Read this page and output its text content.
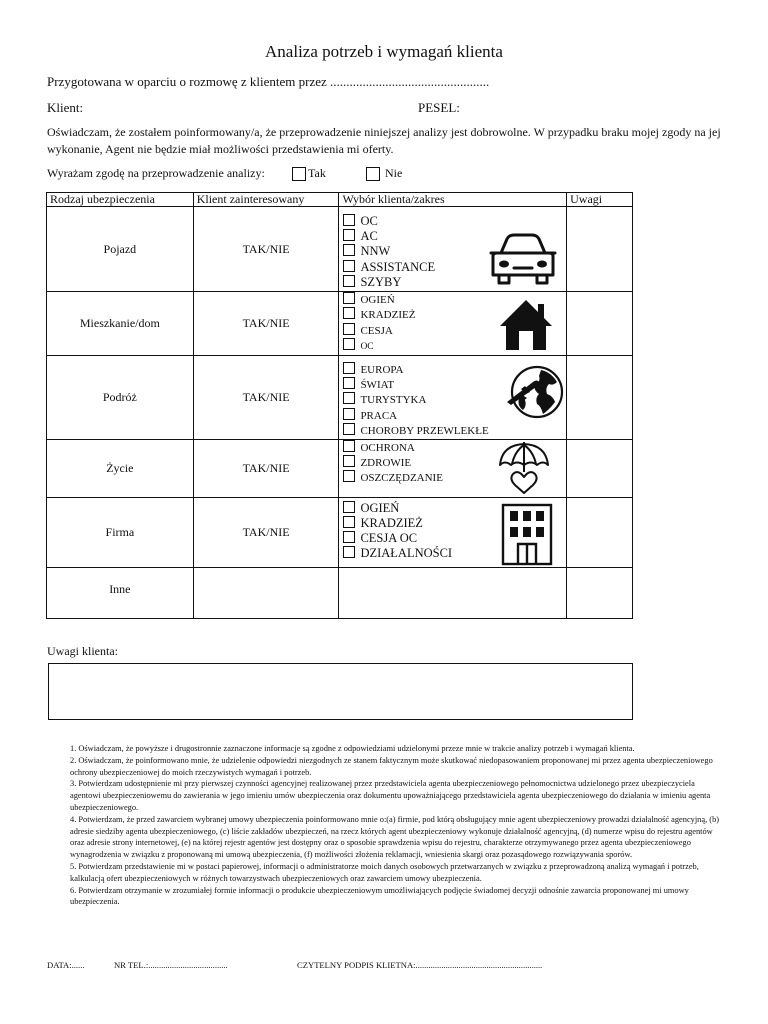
Analiza potrzeb i wymagań klienta
Przygotowana w oparciu o rozmowę z klientem przez .................................................
Klient:	PESEL:
Oświadczam, że zostałem poinformowany/a, że przeprowadzenie niniejszej analizy jest dobrowolne. W przypadku braku mojej zgody na jej wykonanie, Agent nie będzie miał możliwości przedstawienia mi oferty.
Wyrażam zgodę na przeprowadzenie analizy:	Tak	Nie
Rodzaj ubezpieczenia	Klient zainteresowany	Wybór klienta/zakres	Uwagi
Pojazd	TAK/NIE	OC
AC
NNW
ASSISTANCE
SZYBY	

Mieszkanie/dom	TAK/NIE	OGIEŃ
KRADZIEŻ
CESJA
OC	

Podróż	TAK/NIE	EUROPA
ŚWIAT
TURYSTYKA
PRACA
CHOROBY PRZEWLEKŁE	

Życie	TAK/NIE	OCHRONA
ZDROWIE
OSZCZĘDZANIE	

Firma	TAK/NIE	OGIEŃ
KRADZIEŻ
CESJA OC
DZIAŁALNOŚCI	

Inne			
Uwagi klienta:

1. Oświadczam, że powyższe i drugostronnie zaznaczone informacje są zgodne z odpowiedziami udzielonymi przeze mnie w trakcie analizy potrzeb i wymagań klienta.

2. Oświadczam, że poinformowano mnie, że udzielenie odpowiedzi niezgodnych ze stanem faktycznym może skutkować niedopasowaniem proponowanej mi przez agenta ubezpieczeniowego ochrony ubezpieczeniowej do moich rzeczywistych wymagań i potrzeb.

3. Potwierdzam udostępnienie mi przy pierwszej czynności agencyjnej realizowanej przez przedstawiciela agenta ubezpieczeniowego pełnomocnictwa udzielonego przez ubezpieczyciela agentowi ubezpieczeniowemu do zawierania w jego imieniu umów ubezpieczenia oraz dokumentu upoważniającego przedstawiciela agenta ubezpieczeniowego do działania w imieniu agenta ubezpieczeniowego.

4. Potwierdzam, że przed zawarciem wybranej umowy ubezpieczenia poinformowano mnie o:(a) firmie, pod którą obsługujący mnie agent ubezpieczeniowy prowadzi działalność agencyjną, (b) adresie siedziby agenta ubezpieczeniowego, (c) liście zakładów ubezpieczeń, na rzecz których agent ubezpieczeniowy wykonuje działalność agencyjną, (d) numerze wpisu do rejestru agentów oraz adresie strony internetowej, (e) na której rejestr agentów jest dostępny oraz o sposobie sprawdzenia wpisu do rejestru, charakterze otrzymywanego przez agenta ubezpieczeniowego wynagrodzenia w związku z proponowaną mi umową ubezpieczenia, (f) możliwości złożenia reklamacji, wniesienia skargi oraz pozasądowego rozwiązywania sporów.

5. Potwierdzam przedstawienie mi w postaci papierowej, informacji o administratorze moich danych osobowych przetwarzanych w związku z przeprowadzoną analizą wymagań i potrzeb, kalkulacją ofert ubezpieczeniowych w różnych towarzystwach ubezpieczeniowych oraz zawarciem umowy ubezpieczenia.

6. Potwierdzam otrzymanie w zrozumiałej formie informacji o produkcie ubezpieczeniowym umożliwiających podjęcie świadomej decyzji odnośnie zawarcia proponowanej mi umowy ubezpieczenia.

DATA:......	NR TEL.:.....................................	CZYTELNY PODPIS KLIETNA:...........................................................
